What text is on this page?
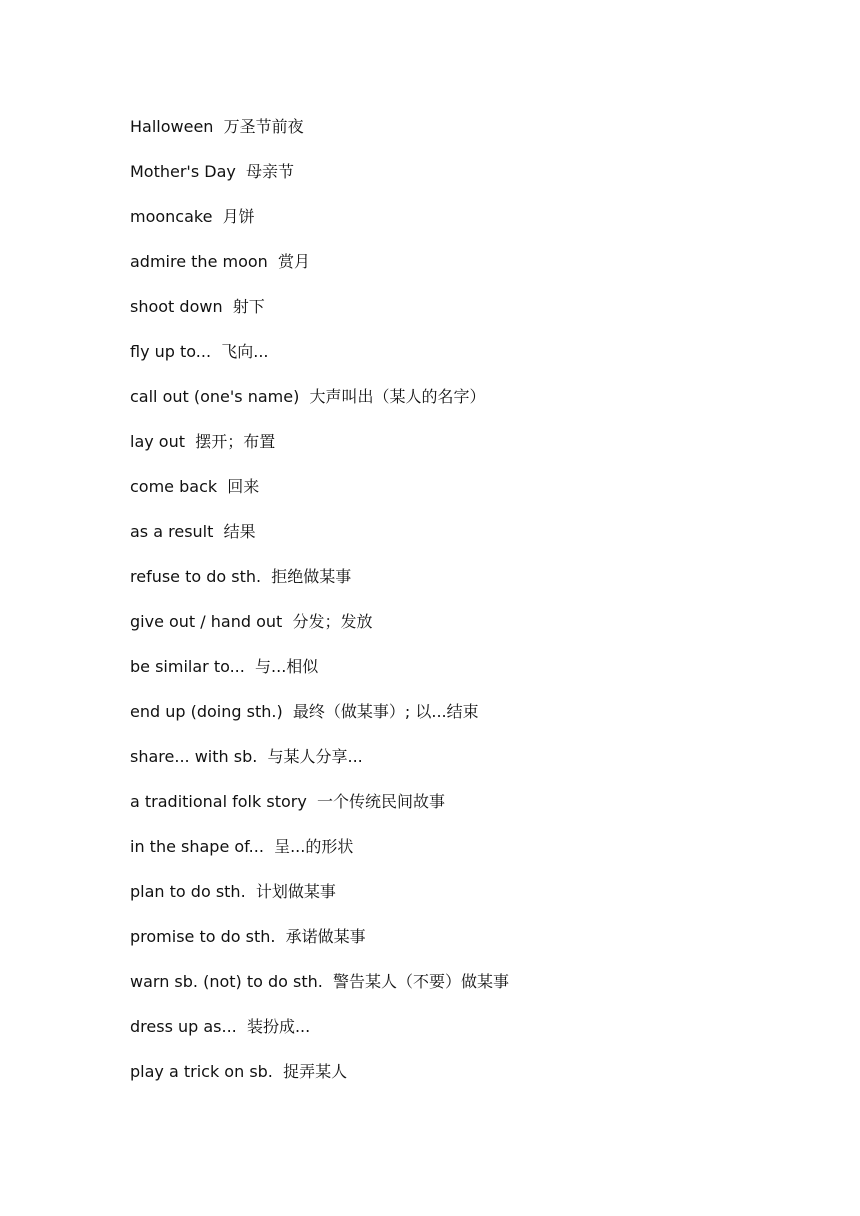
Halloween 万圣节前夜
Mother's Day 母亲节
mooncake 月饼
admire the moon 赏月
shoot down 射下
fly up to... 飞向...
call out (one's name) 大声叫出（某人的名字）
lay out 摆开；布置
come back 回来
as a result 结果
refuse to do sth. 拒绝做某事
give out / hand out 分发；发放
be similar to... 与...相似
end up (doing sth.) 最终（做某事）; 以...结束
share... with sb. 与某人分享...
a traditional folk story 一个传统民间故事
in the shape of... 呈...的形状
plan to do sth. 计划做某事
promise to do sth. 承诺做某事
warn sb. (not) to do sth. 警告某人（不要）做某事
dress up as... 装扮成...
play a trick on sb. 捉弄某人
